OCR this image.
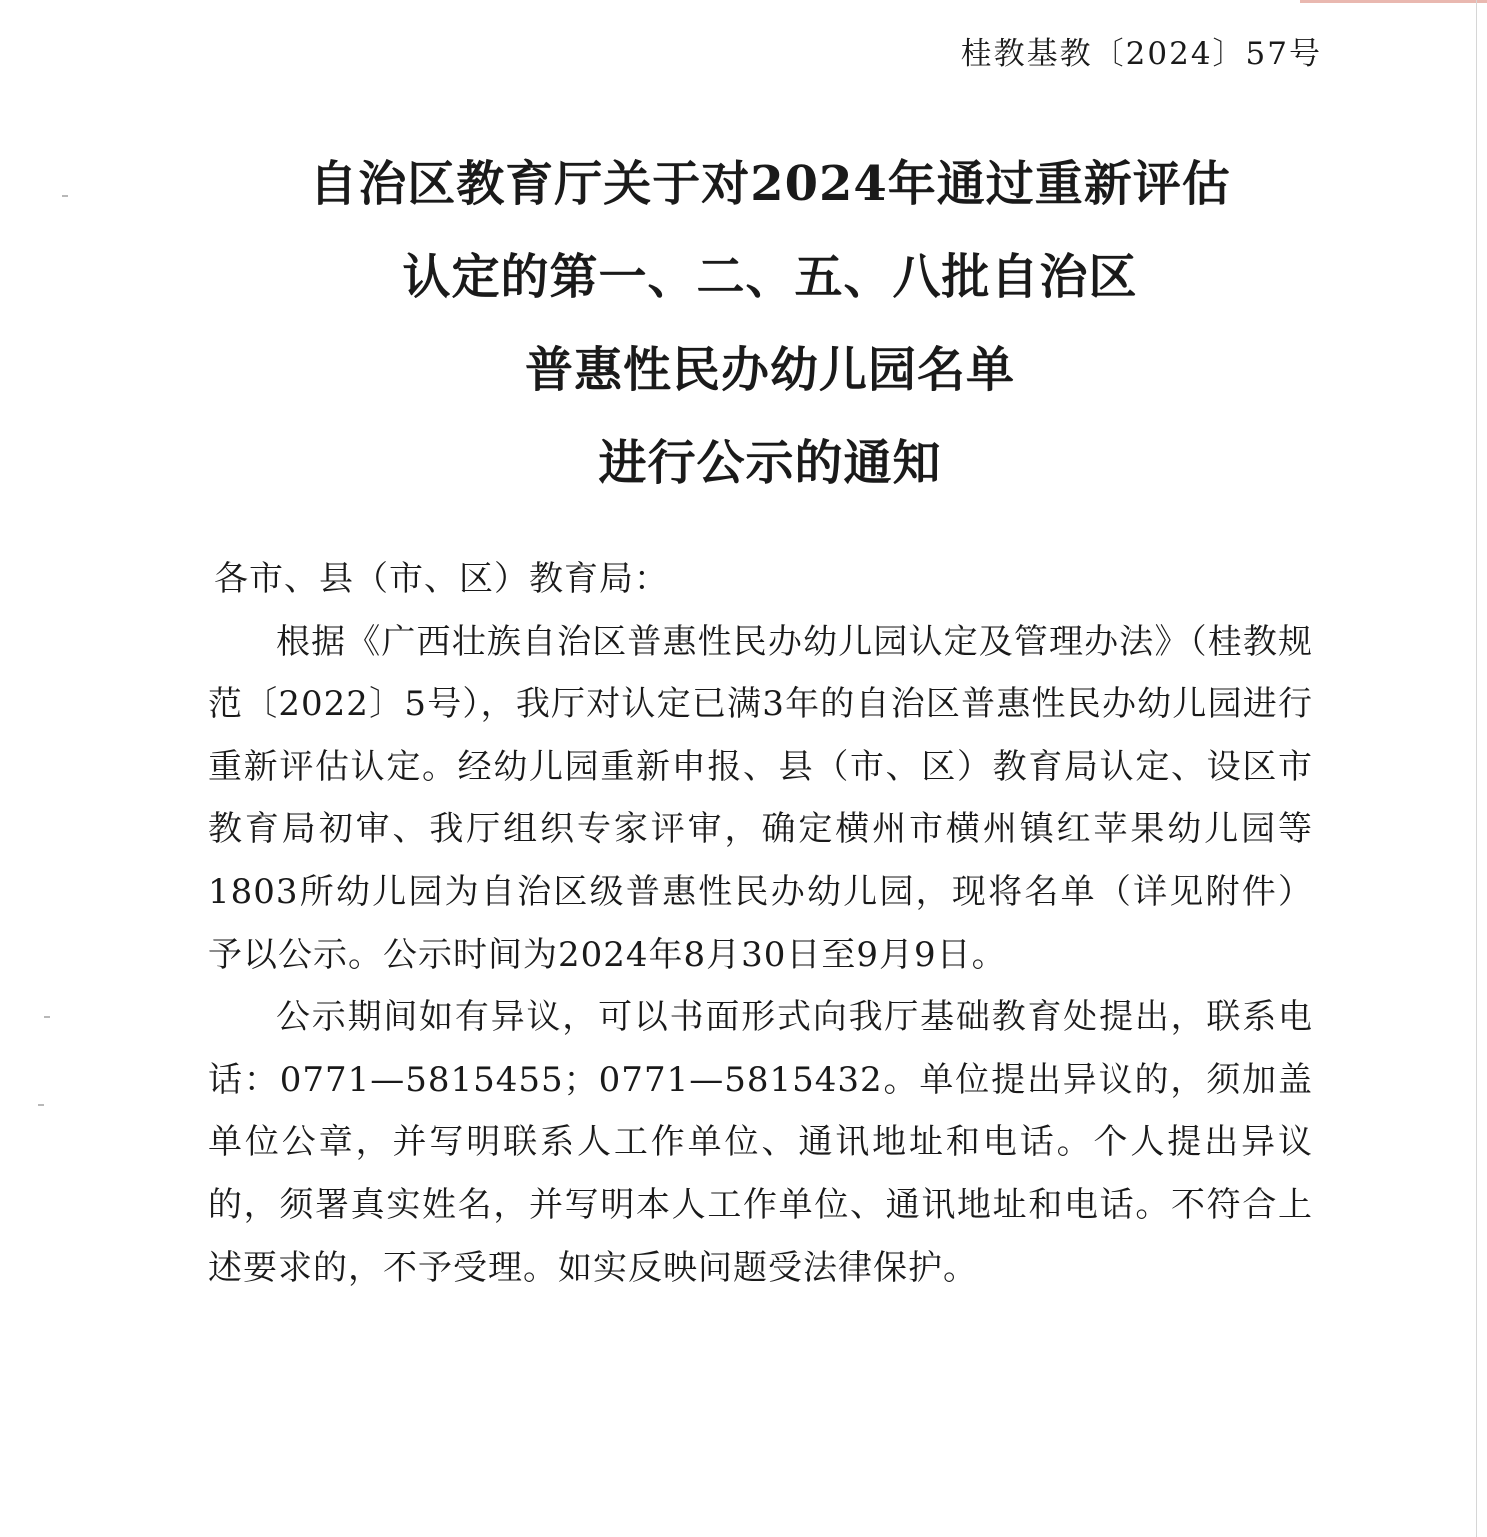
桂教基教〔2024〕57号
自治区教育厅关于对2024年通过重新评估
认定的第一、二、五、八批自治区
普惠性民办幼儿园名单
进行公示的通知

各市、县（市、区）教育局：

根据《广西壮族自治区普惠性民办幼儿园认定及管理办法》（桂教规范〔2022〕5号），我厅对认定已满3年的自治区普惠性民办幼儿园进行重新评估认定。经幼儿园重新申报、县（市、区）教育局认定、设区市教育局初审、我厅组织专家评审，确定横州市横州镇红苹果幼儿园等1803所幼儿园为自治区级普惠性民办幼儿园，现将名单（详见附件）予以公示。公示时间为2024年8月30日至9月9日。

公示期间如有异议，可以书面形式向我厅基础教育处提出，联系电话：0771—5815455；0771—5815432。单位提出异议的，须加盖单位公章，并写明联系人工作单位、通讯地址和电话。个人提出异议的，须署真实姓名，并写明本人工作单位、通讯地址和电话。不符合上述要求的，不予受理。如实反映问题受法律保护。
